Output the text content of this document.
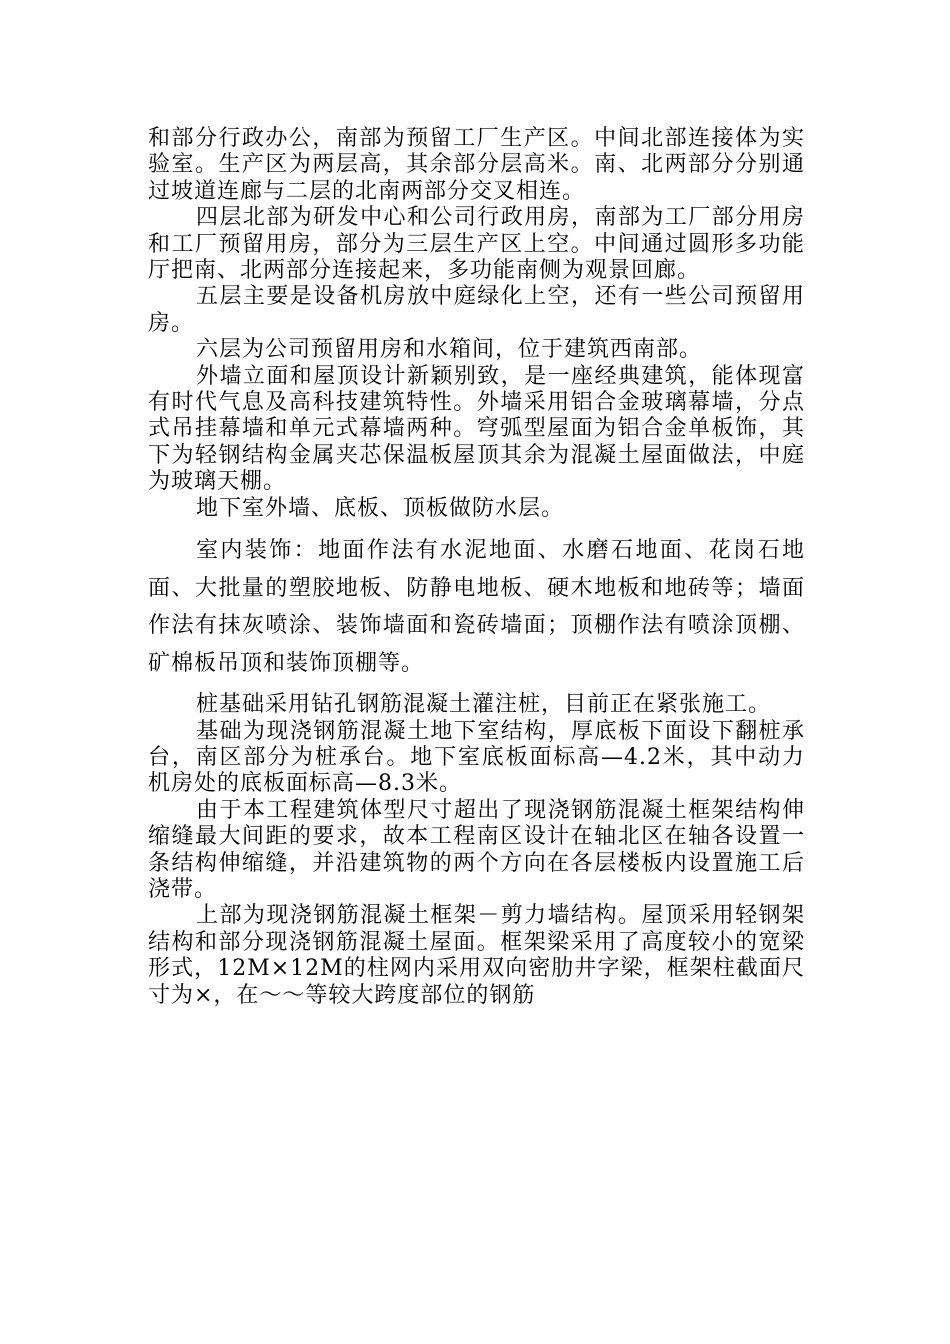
和部分行政办公，南部为预留工厂生产区。中间北部连接体为实验室。生产区为两层高，其余部分层高米。南、北两部分分别通过坡道连廊与二层的北南两部分交叉相连。

四层北部为研发中心和公司行政用房，南部为工厂部分用房和工厂预留用房，部分为三层生产区上空。中间通过圆形多功能厅把南、北两部分连接起来，多功能南侧为观景回廊。

五层主要是设备机房放中庭绿化上空，还有一些公司预留用房。

六层为公司预留用房和水箱间，位于建筑西南部。

外墙立面和屋顶设计新颖别致，是一座经典建筑，能体现富有时代气息及高科技建筑特性。外墙采用铝合金玻璃幕墙，分点式吊挂幕墙和单元式幕墙两种。穹弧型屋面为铝合金单板饰，其下为轻钢结构金属夹芯保温板屋顶其余为混凝土屋面做法，中庭为玻璃天棚。

地下室外墙、底板、顶板做防水层。

室内装饰：地面作法有水泥地面、水磨石地面、花岗石地面、大批量的塑胶地板、防静电地板、硬木地板和地砖等；墙面作法有抹灰喷涂、装饰墙面和瓷砖墙面；顶棚作法有喷涂顶棚、矿棉板吊顶和装饰顶棚等。

桩基础采用钻孔钢筋混凝土灌注桩，目前正在紧张施工。

基础为现浇钢筋混凝土地下室结构，厚底板下面设下翻桩承台，南区部分为桩承台。地下室底板面标高—4.2米，其中动力机房处的底板面标高—8.3米。

由于本工程建筑体型尺寸超出了现浇钢筋混凝土框架结构伸缩缝最大间距的要求，故本工程南区设计在轴北区在轴各设置一条结构伸缩缝，并沿建筑物的两个方向在各层楼板内设置施工后浇带。

上部为现浇钢筋混凝土框架－剪力墙结构。屋顶采用轻钢架结构和部分现浇钢筋混凝土屋面。框架梁采用了高度较小的宽梁形式，12M×12M的柱网内采用双向密肋井字梁，框架柱截面尺寸为×，在～～等较大跨度部位的钢筋
